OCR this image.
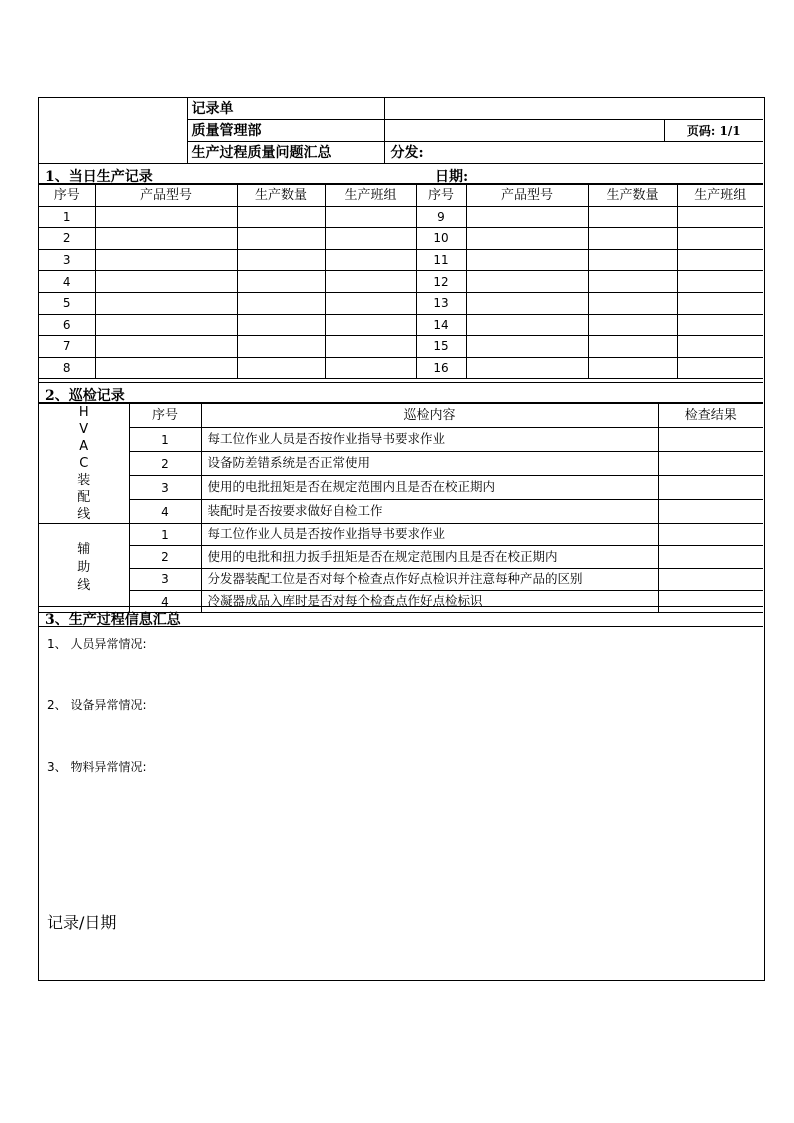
	记录单		
	质量管理部		页码: 1/1
	生产过程质量问题汇总	分发:	
1、当日生产记录	日期:
序号	产品型号	生产数量	生产班组	序号	产品型号	生产数量	生产班组
1				9			
2				10			
3				11			
4				12			
5				13			
6				14			
7				15			
8				16			
2、巡检记录
HVAC装配线	序号	巡检内容	检查结果
	1	每工位作业人员是否按作业指导书要求作业	
	2	设备防差错系统是否正常使用	
	3	使用的电批扭矩是否在规定范围内且是否在校正期内	
	4	装配时是否按要求做好自检工作	
辅助线	1	每工位作业人员是否按作业指导书要求作业	
	2	使用的电批和扭力扳手扭矩是否在规定范围内且是否在校正期内	
	3	分发器装配工位是否对每个检查点作好点检识并注意每种产品的区别	
	4	冷凝器成品入库时是否对每个检查点作好点检标识	
3、生产过程信息汇总
1、 人员异常情况:
2、 设备异常情况:
3、 物料异常情况:
记录/日期
